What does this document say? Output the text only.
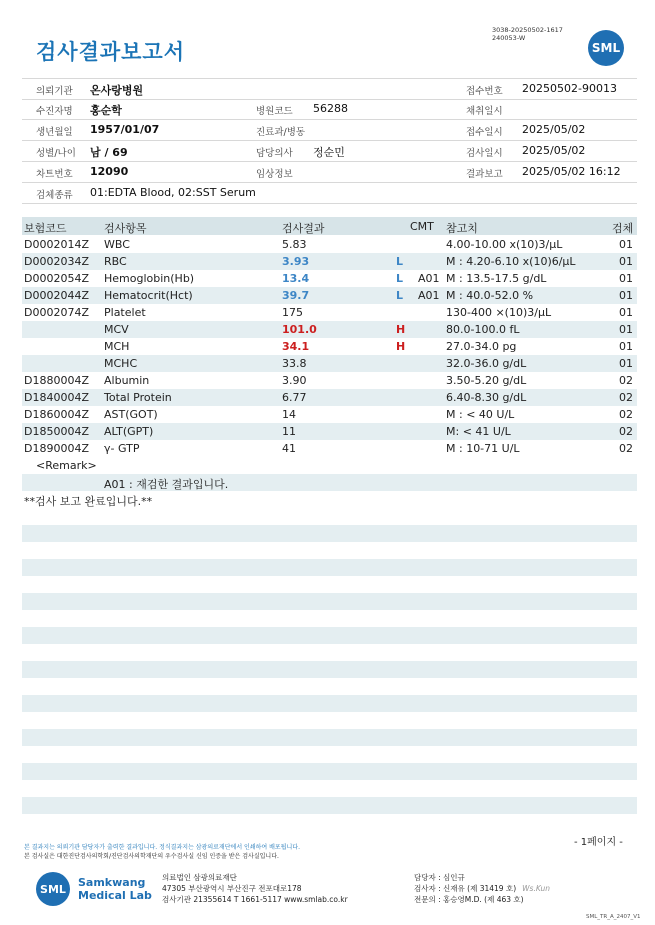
검사결과보고서
3038-20250502-1617
240053-W
SML
의뢰기관 온사랑병원	접수번호 20250502-90013
수진자명 홍순학	병원코드 56288	채취일시
생년월일 1957/01/07	진료과/병동	접수일시 2025/05/02
성별/나이 남 / 69	담당의사 정순민	검사일시 2025/05/02
차트번호 12090	임상정보	결과보고 2025/05/02 16:12
검체종류 01:EDTA Blood, 02:SST Serum
보험코드	검사항목	검사결과	CMT 참고치	검체
D0002014Z WBC	5.83	4.00-10.00 x(10)3/μL	01
D0002034Z RBC	3.93	L	M : 4.20-6.10 x(10)6/μL	01
D0002054Z Hemoglobin(Hb)	13.4	L A01 M : 13.5-17.5 g/dL	01
D0002044Z Hematocrit(Hct)	39.7	L A01 M : 40.0-52.0 %	01
D0002074Z Platelet	175	130-400 ×(10)3/μL	01
MCV	101.0	H	80.0-100.0 fL	01
MCH	34.1	H	27.0-34.0 pg	01
MCHC	33.8	32.0-36.0 g/dL	01
D1880004Z Albumin	3.90	3.50-5.20 g/dL	02
D1840004Z Total Protein	6.77	6.40-8.30 g/dL	02
D1860004Z AST(GOT)	14	M : < 40 U/L	02
D1850004Z ALT(GPT)	11	M: < 41 U/L	02
D1890004Z γ- GTP	41	M : 10-71 U/L	02
<Remark>
A01 : 재검한 결과입니다.
**검사 보고 완료입니다.**
- 1페이지 -
본 결과지는 의뢰기관 담당자가 출력한 결과입니다. 정식결과지는 삼광의료재단에서 인쇄하여 배포됩니다.
본 검사실은 대한진단검사의학회/진단검사의학재단의 우수검사실 신임 인증을 받은 검사실입니다.
SML	Samkwang
Medical Lab
의료법인 삼광의료재단
47305 부산광역시 부산진구 전포대로178
검사기관 21355614 T 1661-5117 www.smlab.co.kr
담당자 : 심인규
검사자 : 신재유 (제 31419 호) Ws.Kun
전문의 : 홍승영M.D. (제 463 호)
SML_TR_A_2407_V1
